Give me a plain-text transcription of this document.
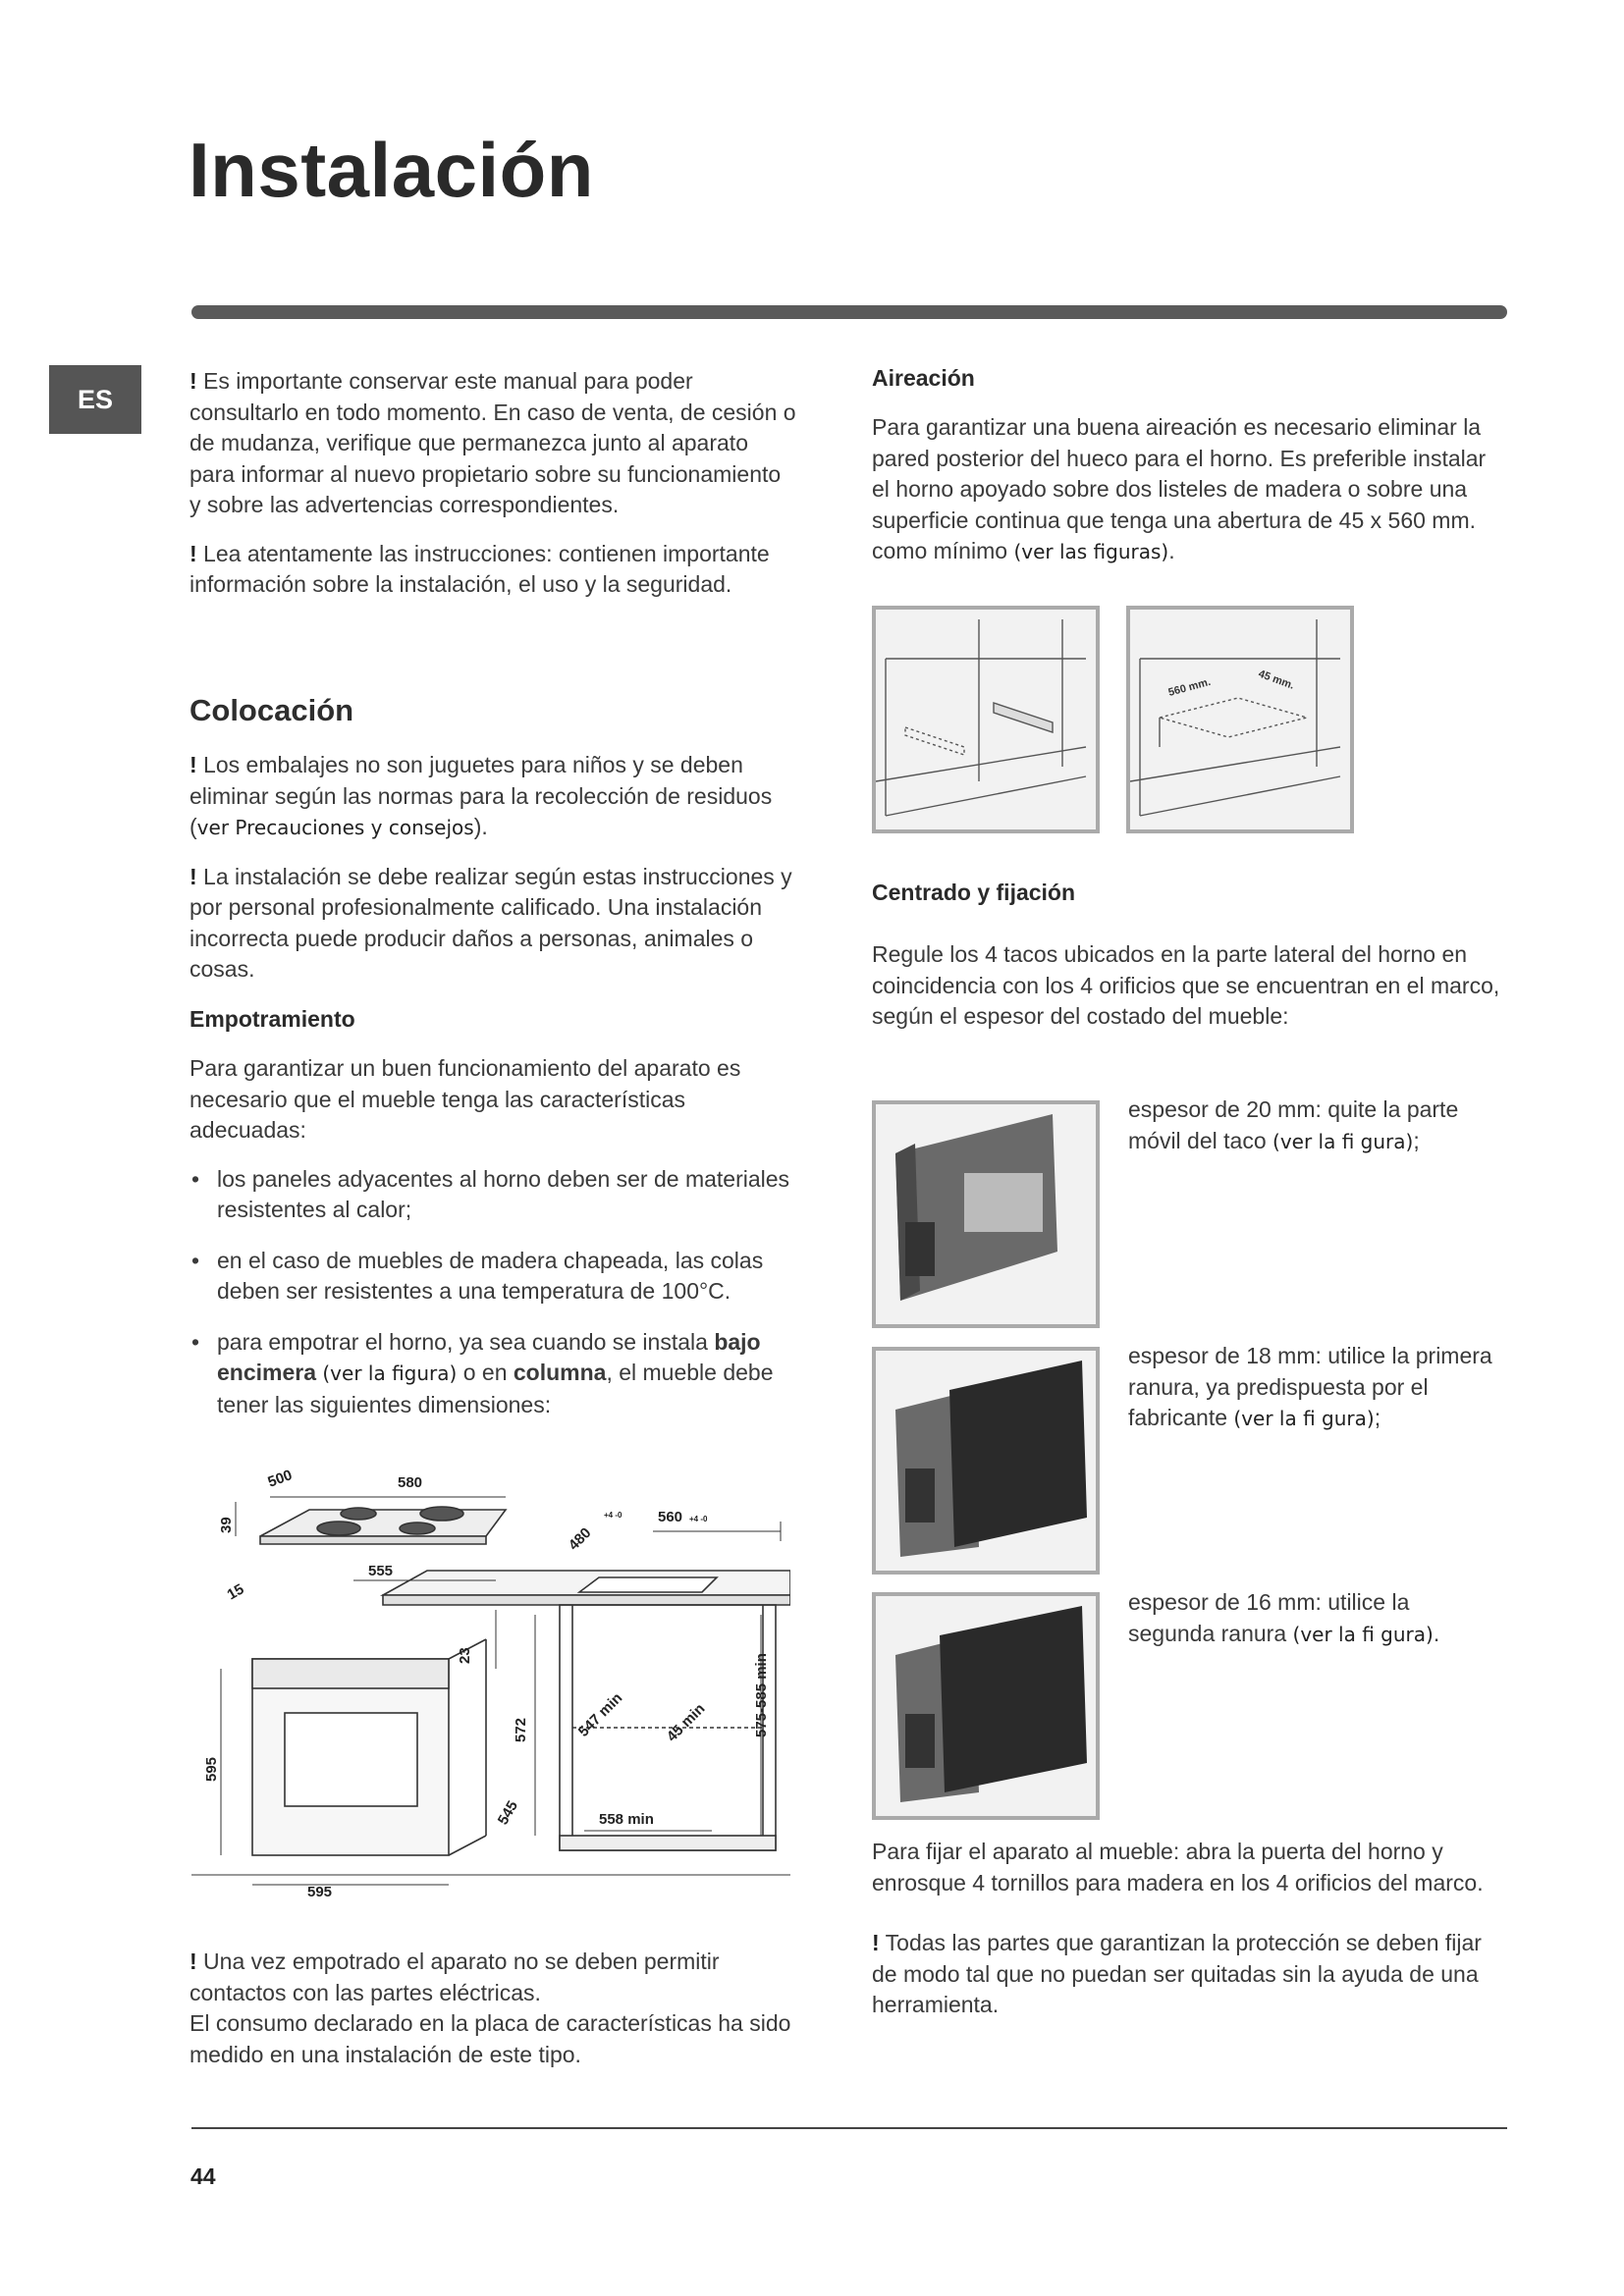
Instalación
ES

! Es importante conservar este manual para poder consultarlo en todo momento. En caso de venta, de cesión o de mudanza, verifique que permanezca junto al aparato para informar al nuevo propietario sobre su funcionamiento y sobre las advertencias correspondientes.

! Lea atentamente las instrucciones: contienen importante información sobre la instalación, el uso y la seguridad.

Colocación

! Los embalajes no son juguetes para niños y se deben eliminar según las normas para la recolección de residuos (ver Precauciones y consejos).

! La instalación se debe realizar según estas instrucciones y por personal profesionalmente calificado. Una instalación incorrecta puede producir daños a personas, animales o cosas.

Empotramiento

Para garantizar un buen funcionamiento del aparato es necesario que el mueble tenga las características adecuadas:

• los paneles adyacentes al horno deben ser de materiales resistentes al calor;
• en el caso de muebles de madera chapeada, las colas deben ser resistentes a una temperatura de 100°C.
• para empotrar el horno, ya sea cuando se instala bajo encimera (ver la figura) o en columna, el mueble debe tener las siguientes dimensiones:
580
500
39	480
+4 -0 560 +4 -0
15
555
23
572	547 min	45 min	575-585 min
595
545	558 min
595
! Una vez empotrado el aparato no se deben permitir contactos con las partes eléctricas.
El consumo declarado en la placa de características ha sido medido en una instalación de este tipo.
Aireación

Para garantizar una buena aireación es necesario eliminar la pared posterior del hueco para el horno. Es preferible instalar el horno apoyado sobre dos listeles de madera o sobre una superficie continua que tenga una abertura de 45 x 560 mm. como mínimo (ver las figuras).

560 mm.	45 mm.
Centrado y fijación

Regule los 4 tacos ubicados en la parte lateral del horno en coincidencia con los 4 orificios que se encuentran en el marco, según el espesor del costado del mueble:

espesor de 20 mm: quite la parte móvil del taco (ver la fi gura);
espesor de 18 mm: utilice la primera ranura, ya predispuesta por el fabricante (ver la fi gura);
espesor de 16 mm: utilice la segunda ranura (ver la fi gura).

Para fijar el aparato al mueble: abra la puerta del horno y enrosque 4 tornillos para madera en los 4 orificios del marco.

! Todas las partes que garantizan la protección se deben fijar de modo tal que no puedan ser quitadas sin la ayuda de una herramienta.

44
